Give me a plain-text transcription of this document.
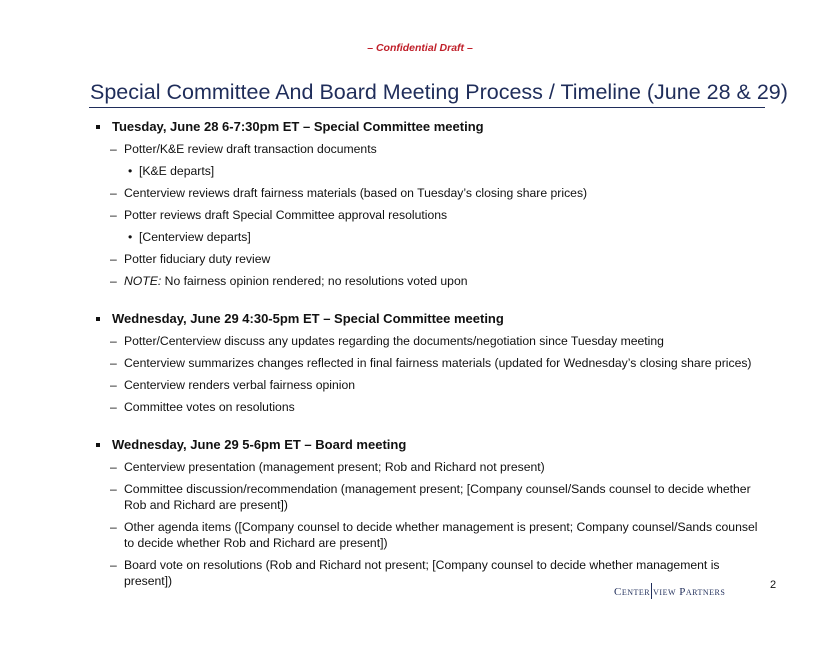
– Confidential Draft –
Special Committee And Board Meeting Process / Timeline (June 28 & 29)
Tuesday, June 28 6-7:30pm ET – Special Committee meeting
– Potter/K&E review draft transaction documents
• [K&E departs]
– Centerview reviews draft fairness materials (based on Tuesday’s closing share prices)
– Potter reviews draft Special Committee approval resolutions
• [Centerview departs]
– Potter fiduciary duty review
– NOTE: No fairness opinion rendered; no resolutions voted upon
Wednesday, June 29 4:30-5pm ET – Special Committee meeting
– Potter/Centerview discuss any updates regarding the documents/negotiation since Tuesday meeting
– Centerview summarizes changes reflected in final fairness materials (updated for Wednesday’s closing share prices)
– Centerview renders verbal fairness opinion
– Committee votes on resolutions
Wednesday, June 29 5-6pm ET – Board meeting
– Centerview presentation (management present; Rob and Richard not present)
– Committee discussion/recommendation (management present; [Company counsel/Sands counsel to decide whether Rob and Richard are present])
– Other agenda items ([Company counsel to decide whether management is present; Company counsel/Sands counsel to decide whether Rob and Richard are present])
– Board vote on resolutions (Rob and Richard not present; [Company counsel to decide whether management is present])
Center view Partners
2
